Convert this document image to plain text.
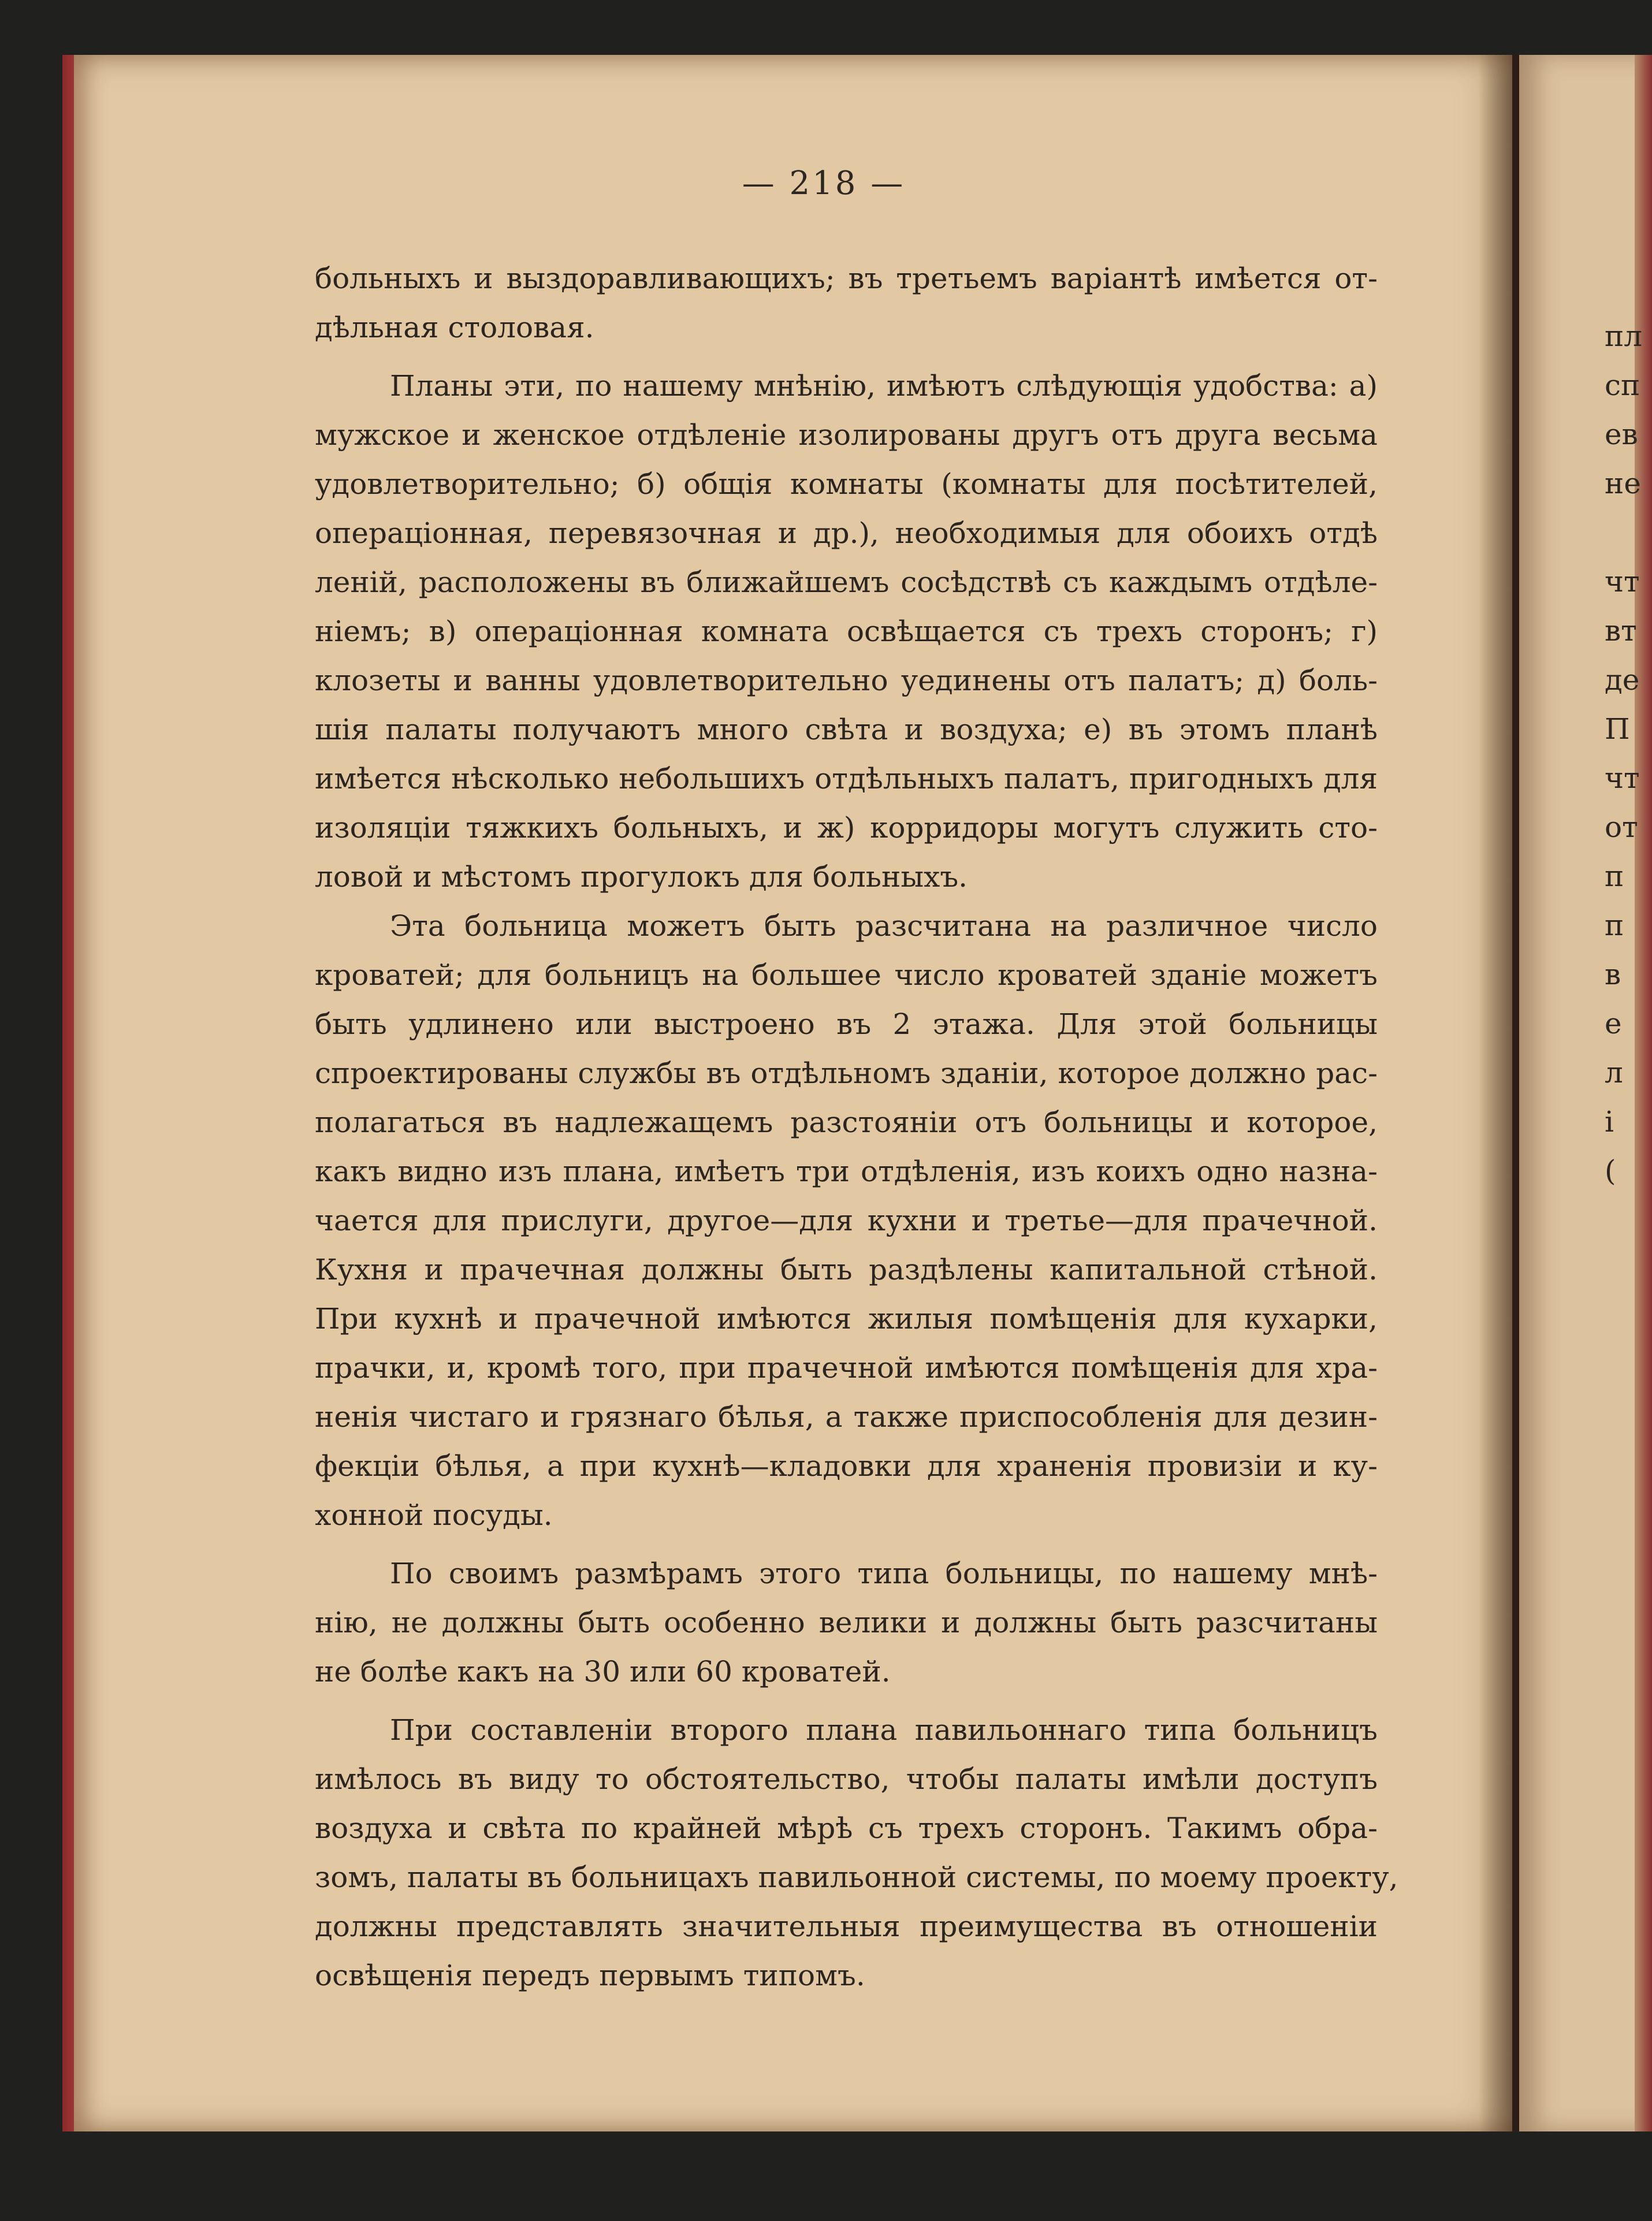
— 218 —
больныхъ и выздоравливающихъ; въ третьемъ варіантѣ имѣется от-
дѣльная столовая.
Планы эти, по нашему мнѣнію, имѣютъ слѣдующія удобства: а)
мужское и женское отдѣленіе изолированы другъ отъ друга весьма
удовлетворительно; б) общія комнаты (комнаты для посѣтителей,
операціонная, перевязочная и др.), необходимыя для обоихъ отдѣ
леній, расположены въ ближайшемъ сосѣдствѣ съ каждымъ отдѣле-
ніемъ; в) операціонная комната освѣщается съ трехъ сторонъ; г)
клозеты и ванны удовлетворительно уединены отъ палатъ; д) боль-
шія палаты получаютъ много свѣта и воздуха; е) въ этомъ планѣ
имѣется нѣсколько небольшихъ отдѣльныхъ палатъ, пригодныхъ для
изоляціи тяжкихъ больныхъ, и ж) корридоры могутъ служить сто-
ловой и мѣстомъ прогулокъ для больныхъ.
Эта больница можетъ быть разсчитана на различное число
кроватей; для больницъ на большее число кроватей зданіе можетъ
быть удлинено или выстроено въ 2 этажа. Для этой больницы
спроектированы службы въ отдѣльномъ зданіи, которое должно рас-
полагаться въ надлежащемъ разстояніи отъ больницы и которое,
какъ видно изъ плана, имѣетъ три отдѣленія, изъ коихъ одно назна-
чается для прислуги, другое—для кухни и третье—для прачечной.
Кухня и прачечная должны быть раздѣлены капитальной стѣной.
При кухнѣ и прачечной имѣются жилыя помѣщенія для кухарки,
прачки, и, кромѣ того, при прачечной имѣются помѣщенія для хра-
ненія чистаго и грязнаго бѣлья, а также приспособленія для дезин-
фекціи бѣлья, а при кухнѣ—кладовки для храненія провизіи и ку-
хонной посуды.
По своимъ размѣрамъ этого типа больницы, по нашему мнѣ-
нію, не должны быть особенно велики и должны быть разсчитаны
не болѣе какъ на 30 или 60 кроватей.
При составленіи второго плана павильоннаго типа больницъ
имѣлось въ виду то обстоятельство, чтобы палаты имѣли доступъ
воздуха и свѣта по крайней мѣрѣ съ трехъ сторонъ. Такимъ обра-
зомъ, палаты въ больницахъ павильонной системы, по моему проекту,
должны представлять значительныя преимущества въ отношеніи
освѣщенія передъ первымъ типомъ.
пл
сп
ев
не
чт
вт
де
П
чт
от
п
п
в
е
л
і
(
